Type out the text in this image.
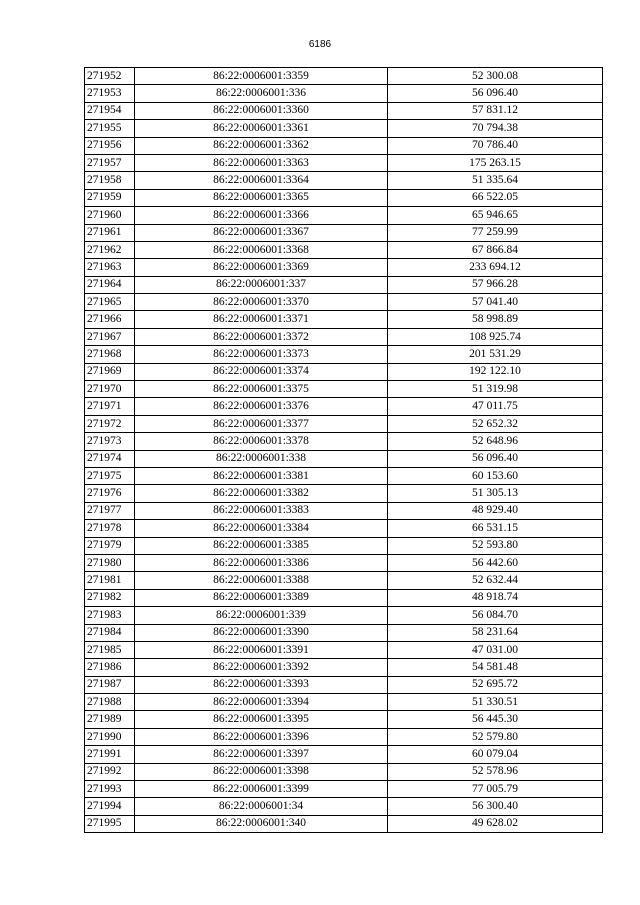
6186
271952	86:22:0006001:3359	52 300.08
271953	86:22:0006001:336	56 096.40
271954	86:22:0006001:3360	57 831.12
271955	86:22:0006001:3361	70 794.38
271956	86:22:0006001:3362	70 786.40
271957	86:22:0006001:3363	175 263.15
271958	86:22:0006001:3364	51 335.64
271959	86:22:0006001:3365	66 522.05
271960	86:22:0006001:3366	65 946.65
271961	86:22:0006001:3367	77 259.99
271962	86:22:0006001:3368	67 866.84
271963	86:22:0006001:3369	233 694.12
271964	86:22:0006001:337	57 966.28
271965	86:22:0006001:3370	57 041.40
271966	86:22:0006001:3371	58 998.89
271967	86:22:0006001:3372	108 925.74
271968	86:22:0006001:3373	201 531.29
271969	86:22:0006001:3374	192 122.10
271970	86:22:0006001:3375	51 319.98
271971	86:22:0006001:3376	47 011.75
271972	86:22:0006001:3377	52 652.32
271973	86:22:0006001:3378	52 648.96
271974	86:22:0006001:338	56 096.40
271975	86:22:0006001:3381	60 153.60
271976	86:22:0006001:3382	51 305.13
271977	86:22:0006001:3383	48 929.40
271978	86:22:0006001:3384	66 531.15
271979	86:22:0006001:3385	52 593.80
271980	86:22:0006001:3386	56 442.60
271981	86:22:0006001:3388	52 632.44
271982	86:22:0006001:3389	48 918.74
271983	86:22:0006001:339	56 084.70
271984	86:22:0006001:3390	58 231.64
271985	86:22:0006001:3391	47 031.00
271986	86:22:0006001:3392	54 581.48
271987	86:22:0006001:3393	52 695.72
271988	86:22:0006001:3394	51 330.51
271989	86:22:0006001:3395	56 445.30
271990	86:22:0006001:3396	52 579.80
271991	86:22:0006001:3397	60 079.04
271992	86:22:0006001:3398	52 578.96
271993	86:22:0006001:3399	77 005.79
271994	86:22:0006001:34	56 300.40
271995	86:22:0006001:340	49 628.02
